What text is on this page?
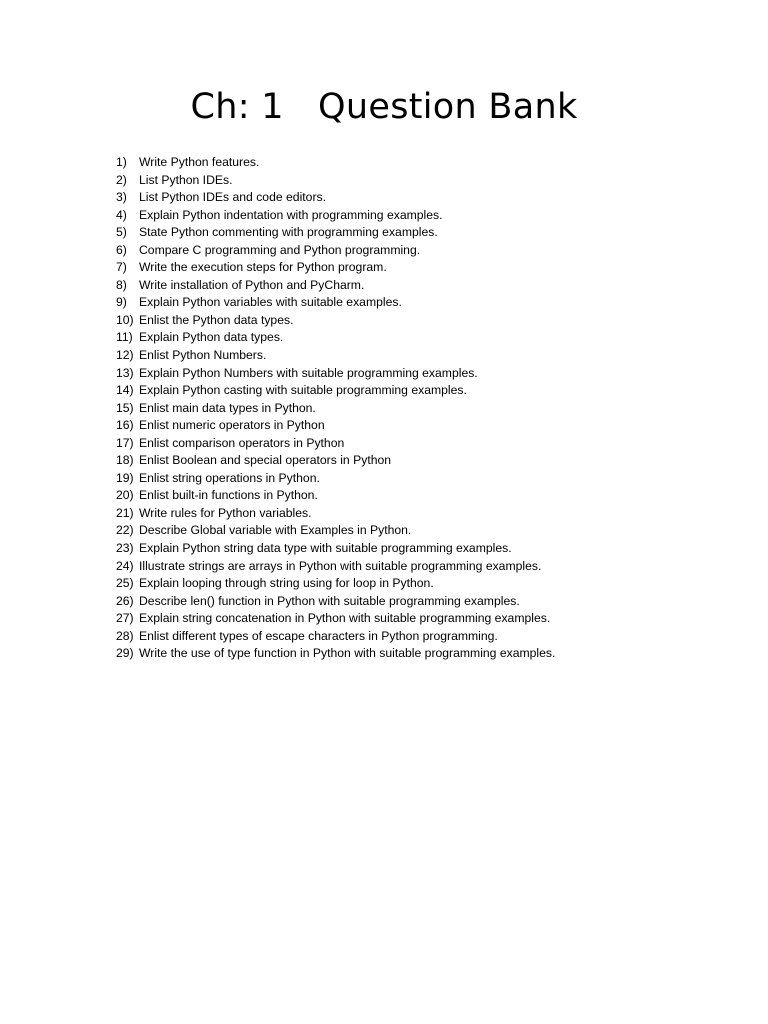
Ch: 1   Question Bank
1) Write Python features.
2) List Python IDEs.
3) List Python IDEs and code editors.
4) Explain Python indentation with programming examples.
5) State Python commenting with programming examples.
6) Compare C programming and Python programming.
7) Write the execution steps for Python program.
8) Write installation of Python and PyCharm.
9) Explain Python variables with suitable examples.
10) Enlist the Python data types.
11) Explain Python data types.
12) Enlist Python Numbers.
13) Explain Python Numbers with suitable programming examples.
14) Explain Python casting with suitable programming examples.
15) Enlist main data types in Python.
16) Enlist numeric operators in Python
17) Enlist comparison operators in Python
18) Enlist Boolean and special operators in Python
19) Enlist string operations in Python.
20) Enlist built-in functions in Python.
21) Write rules for Python variables.
22) Describe Global variable with Examples in Python.
23) Explain Python string data type with suitable programming examples.
24) Illustrate strings are arrays in Python with suitable programming examples.
25) Explain looping through string using for loop in Python.
26) Describe len() function in Python with suitable programming examples.
27) Explain string concatenation in Python with suitable programming examples.
28) Enlist different types of escape characters in Python programming.
29) Write the use of type function in Python with suitable programming examples.
